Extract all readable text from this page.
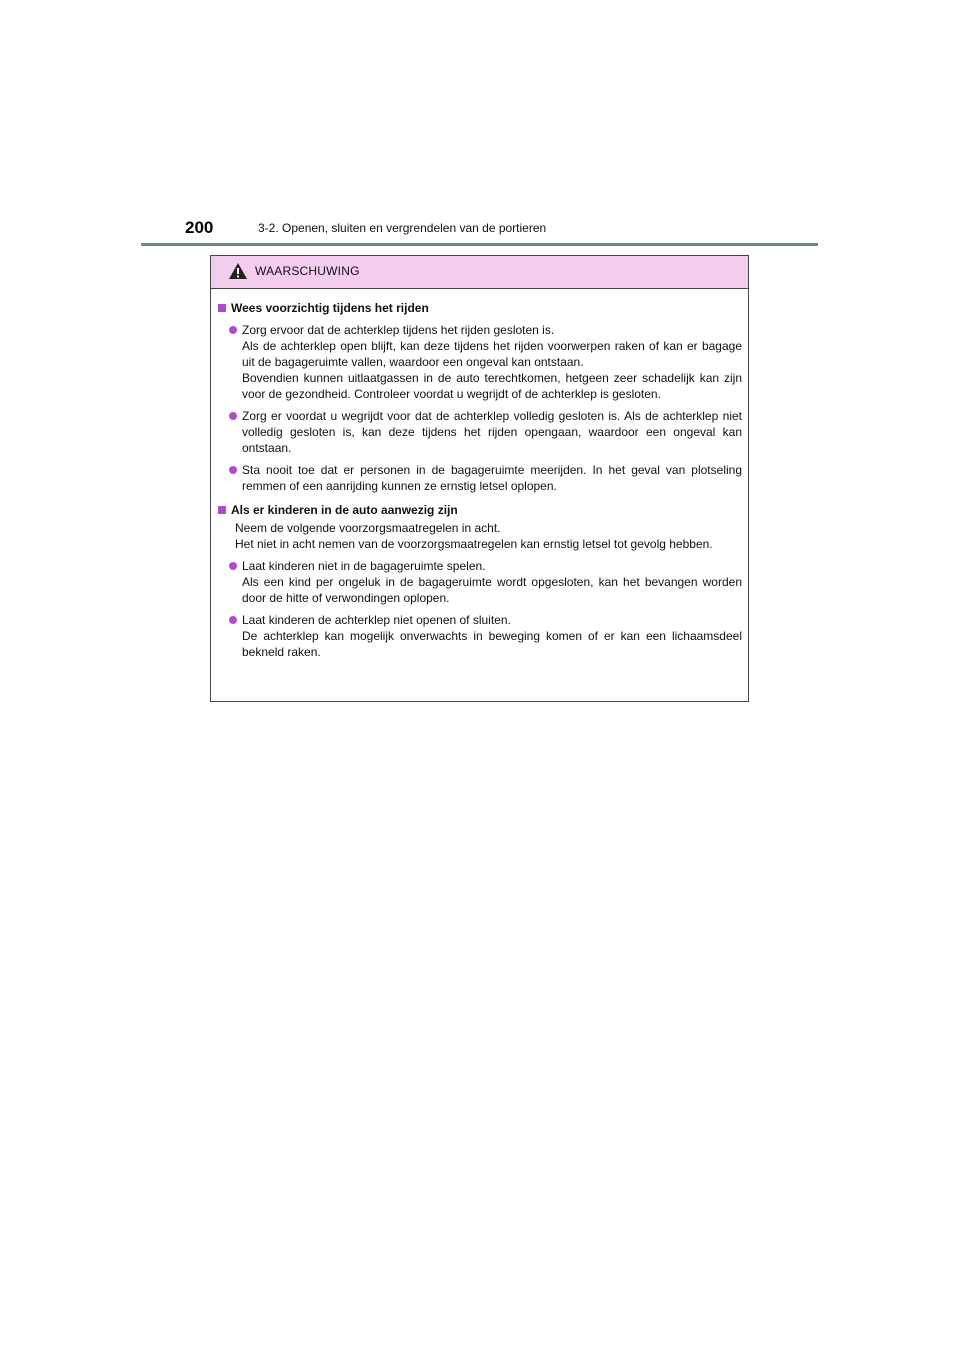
200	3-2. Openen, sluiten en vergrendelen van de portieren
WAARSCHUWING
Wees voorzichtig tijdens het rijden

Zorg ervoor dat de achterklep tijdens het rijden gesloten is.

Als de achterklep open blijft, kan deze tijdens het rijden voorwerpen raken of kan er bagage uit de bagageruimte vallen, waardoor een ongeval kan ontstaan.

Bovendien kunnen uitlaatgassen in de auto terechtkomen, hetgeen zeer schadelijk kan zijn voor de gezondheid. Controleer voordat u wegrijdt of de achterklep is gesloten.

Zorg er voordat u wegrijdt voor dat de achterklep volledig gesloten is. Als de achterklep niet volledig gesloten is, kan deze tijdens het rijden opengaan, waardoor een ongeval kan ontstaan.

Sta nooit toe dat er personen in de bagageruimte meerijden. In het geval van plotseling remmen of een aanrijding kunnen ze ernstig letsel oplopen.

Als er kinderen in de auto aanwezig zijn

Neem de volgende voorzorgsmaatregelen in acht.

Het niet in acht nemen van de voorzorgsmaatregelen kan ernstig letsel tot gevolg hebben.

Laat kinderen niet in de bagageruimte spelen.

Als een kind per ongeluk in de bagageruimte wordt opgesloten, kan het bevangen worden door de hitte of verwondingen oplopen.

Laat kinderen de achterklep niet openen of sluiten.

De achterklep kan mogelijk onverwachts in beweging komen of er kan een lichaamsdeel bekneld raken.
